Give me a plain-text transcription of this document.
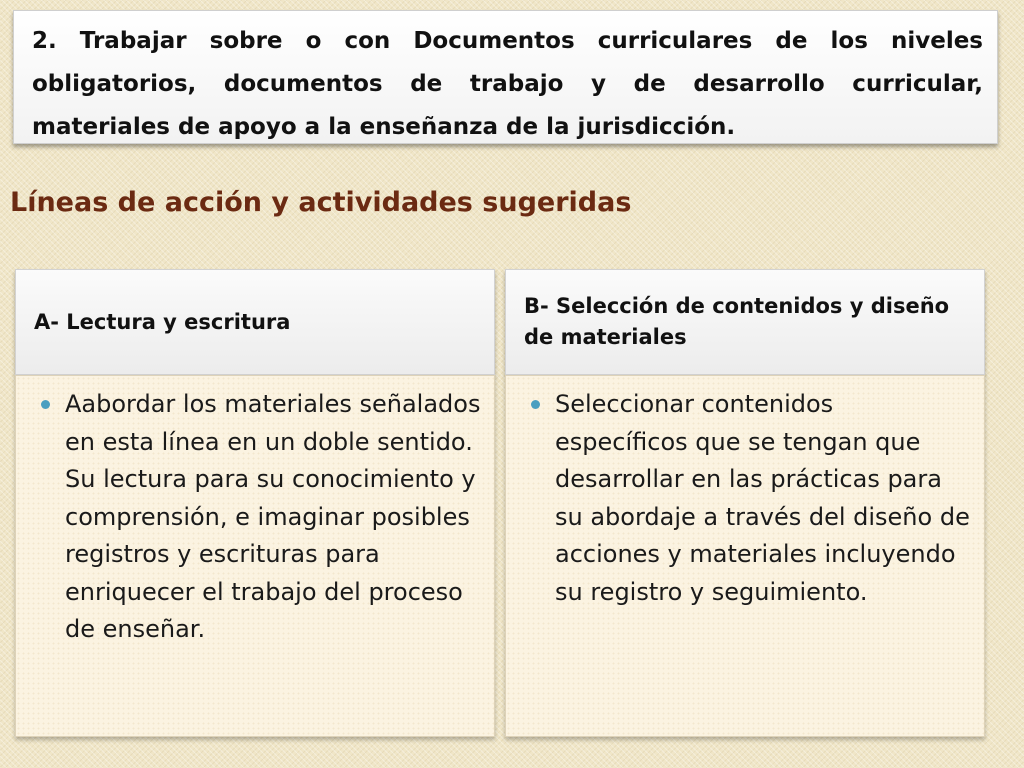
2. Trabajar sobre o con Documentos curriculares de los niveles obligatorios, documentos de trabajo y de desarrollo curricular, materiales de apoyo a la enseñanza de la jurisdicción.

Líneas de acción y actividades sugeridas
A- Lectura y escritura

Aabordar los materiales señalados en esta línea en un doble sentido. Su lectura para su conocimiento y comprensión, e imaginar posibles registros y escrituras para enriquecer el trabajo del proceso de enseñar.

B- Selección de contenidos y diseño de materiales

Seleccionar contenidos específicos que se tengan que desarrollar en las prácticas para su abordaje a través del diseño de acciones y materiales incluyendo su registro y seguimiento.
